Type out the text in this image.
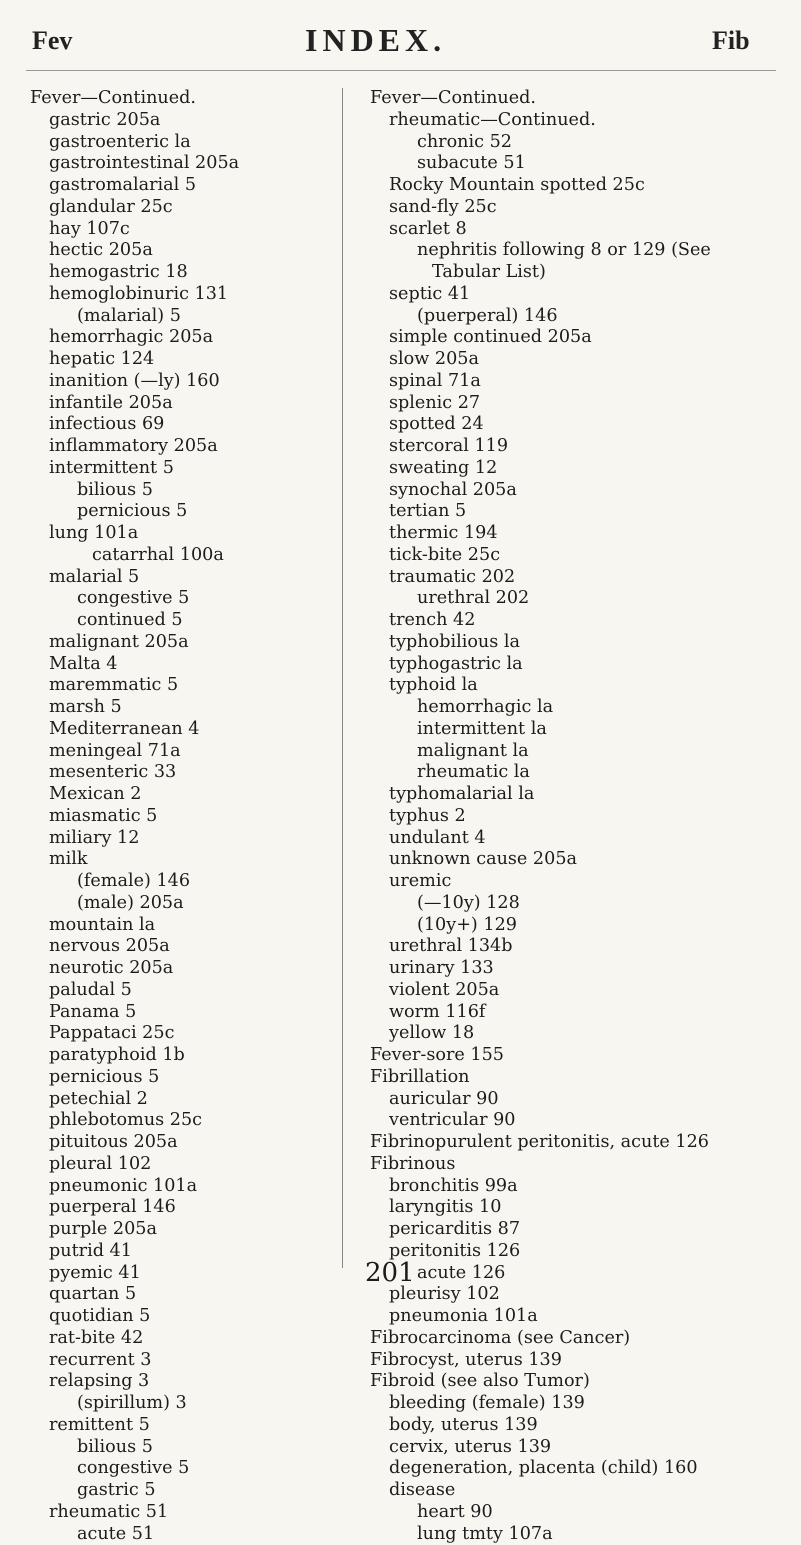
Fev	INDEX.	Fib
Fever—Continued.
gastric 205a
gastroenteric la
gastrointestinal 205a
gastromalarial 5
glandular 25c
hay 107c
hectic 205a
hemogastric 18
hemoglobinuric 131
(malarial) 5
hemorrhagic 205a
hepatic 124
inanition (—ly) 160
infantile 205a
infectious 69
inflammatory 205a
intermittent 5
bilious 5
pernicious 5
lung 101a
catarrhal 100a
malarial 5
congestive 5
continued 5
malignant 205a
Malta 4
maremmatic 5
marsh 5
Mediterranean 4
meningeal 71a
mesenteric 33
Mexican 2
miasmatic 5
miliary 12
milk
(female) 146
(male) 205a
mountain la
nervous 205a
neurotic 205a
paludal 5
Panama 5
Pappataci 25c
paratyphoid 1b
pernicious 5
petechial 2
phlebotomus 25c
pituitous 205a
pleural 102
pneumonic 101a
puerperal 146
purple 205a
putrid 41
pyemic 41
quartan 5
quotidian 5
rat-bite 42
recurrent 3
relapsing 3
(spirillum) 3
remittent 5
bilious 5
congestive 5
gastric 5
rheumatic 51
acute 51
Fever—Continued.
rheumatic—Continued.
chronic 52
subacute 51
Rocky Mountain spotted 25c
sand-fly 25c
scarlet 8
nephritis following 8 or 129 (See
Tabular List)
septic 41
(puerperal) 146
simple continued 205a
slow 205a
spinal 71a
splenic 27
spotted 24
stercoral 119
sweating 12
synochal 205a
tertian 5
thermic 194
tick-bite 25c
traumatic 202
urethral 202
trench 42
typhobilious la
typhogastric la
typhoid la
hemorrhagic la
intermittent la
malignant la
rheumatic la
typhomalarial la
typhus 2
undulant 4
unknown cause 205a
uremic
(—10y) 128
(10y+) 129
urethral 134b
urinary 133
violent 205a
worm 116f
yellow 18
Fever-sore 155
Fibrillation
auricular 90
ventricular 90
Fibrinopurulent peritonitis, acute 126
Fibrinous
bronchitis 99a
laryngitis 10
pericarditis 87
peritonitis 126
acute 126
pleurisy 102
pneumonia 101a
Fibrocarcinoma (see Cancer)
Fibrocyst, uterus 139
Fibroid (see also Tumor)
bleeding (female) 139
body, uterus 139
cervix, uterus 139
degeneration, placenta (child) 160
disease
heart 90
lung tmty 107a
201
